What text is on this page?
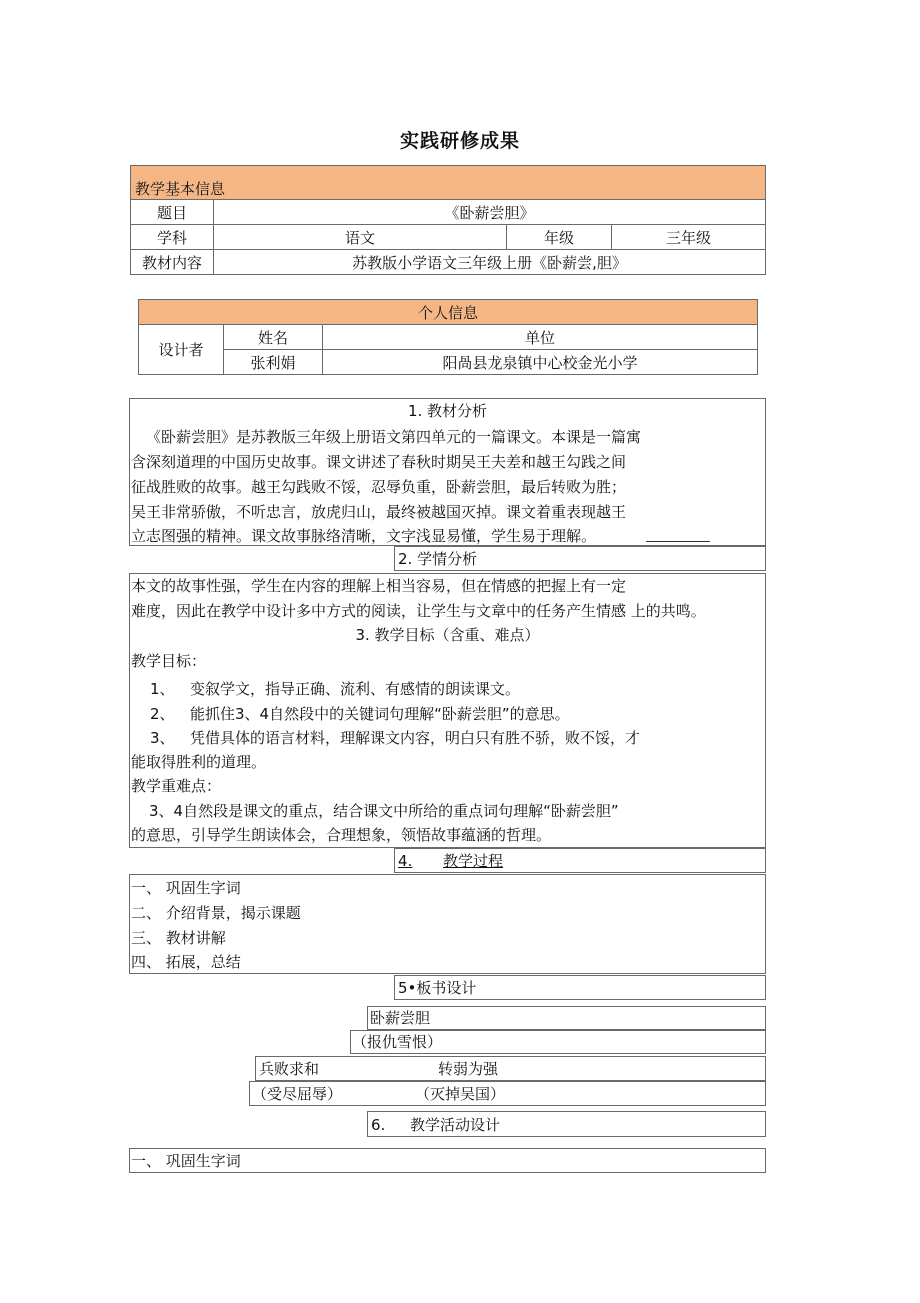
实践研修成果
教学基本信息			
题目	《卧薪尝胆》		
学科	语文	年级	三年级
教材内容	苏教版小学语文三年级上册《卧薪尝,胆》		
个人信息		
设计者	姓名	单位
	张利娟	阳咼县龙泉镇中心校金光小学
1. 教材分析
《卧薪尝胆》是苏教版三年级上册语文第四单元的一篇课文。本课是一篇寓
含深刻道理的中国历史故事。课文讲述了春秋时期吴王夫差和越王勾践之间
征战胜败的故事。越王勾践败不馁，忍辱负重，卧薪尝胆，最后转败为胜；
吴王非常骄傲，不听忠言，放虎归山，最终被越国灭掉。课文着重表现越王
立志图强的精神。课文故事脉络清晰，文字浅显易懂，学生易于理解。
2. 学情分析
本文的故事性强，学生在内容的理解上相当容易，但在情感的把握上有一定
难度，因此在教学中设计多中方式的阅读，让学生与文章中的任务产生情感 上的共鸣。
3. 教学目标（含重、难点）
教学目标：
1、 变叙学文，指导正确、流利、有感情的朗读课文。
2、 能抓住3、4自然段中的关键词句理解“卧薪尝胆”的意思。
3、 凭借具体的语言材料，理解课文内容，明白只有胜不骄，败不馁，才
能取得胜利的道理。
教学重难点：
3、4自然段是课文的重点，结合课文中所给的重点词句理解“卧薪尝胆”
的意思，引导学生朗读体会，合理想象，领悟故事蕴涵的哲理。
4. 教学过程
一、 巩固生字词
二、 介绍背景，揭示课题
三、 教材讲解
四、 拓展，总结
5•板书设计
卧薪尝胆
（报仇雪恨）
兵败求和	转弱为强
（受尽屈辱）	（灭掉吴国）
6. 教学活动设计
一、 巩固生字词
